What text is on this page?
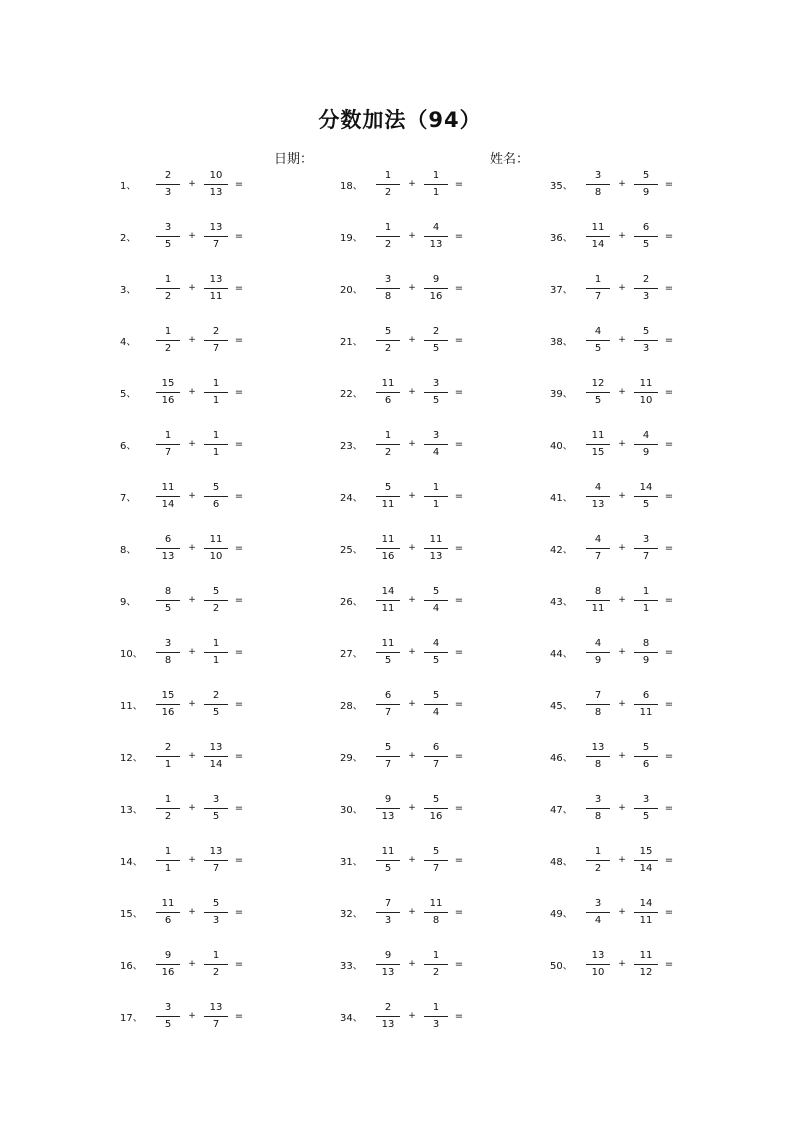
分数加法（94）
日期：	姓名：
1、	$\frac{2}{3} + \frac{10}{13}$ =
2、	$\frac{3}{5} + \frac{13}{7}$ =
3、	$\frac{1}{2} + \frac{13}{11}$ =
4、	$\frac{1}{2} + \frac{2}{7}$ =
5、	$\frac{15}{16} + \frac{1}{1}$ =
6、	$\frac{1}{7} + \frac{1}{1}$ =
7、	$\frac{11}{14} + \frac{5}{6}$ =
8、	$\frac{6}{13} + \frac{11}{10}$ =
9、	$\frac{8}{5} + \frac{5}{2}$ =
10、	$\frac{3}{8} + \frac{1}{1}$ =
11、	$\frac{15}{16} + \frac{2}{5}$ =
12、	$\frac{2}{1} + \frac{13}{14}$ =
13、	$\frac{1}{2} + \frac{3}{5}$ =
14、	$\frac{1}{1} + \frac{13}{7}$ =
15、	$\frac{11}{6} + \frac{5}{3}$ =
16、	$\frac{9}{16} + \frac{1}{2}$ =
17、	$\frac{3}{5} + \frac{13}{7}$ =
18、	$\frac{1}{2} + \frac{1}{1}$ =
19、	$\frac{1}{2} + \frac{4}{13}$ =
20、	$\frac{3}{8} + \frac{9}{16}$ =
21、	$\frac{5}{2} + \frac{2}{5}$ =
22、	$\frac{11}{6} + \frac{3}{5}$ =
23、	$\frac{1}{2} + \frac{3}{4}$ =
24、	$\frac{5}{11} + \frac{1}{1}$ =
25、	$\frac{11}{16} + \frac{11}{13}$ =
26、	$\frac{14}{11} + \frac{5}{4}$ =
27、	$\frac{11}{5} + \frac{4}{5}$ =
28、	$\frac{6}{7} + \frac{5}{4}$ =
29、	$\frac{5}{7} + \frac{6}{7}$ =
30、	$\frac{9}{13} + \frac{5}{16}$ =
31、	$\frac{11}{5} + \frac{5}{7}$ =
32、	$\frac{7}{3} + \frac{11}{8}$ =
33、	$\frac{9}{13} + \frac{1}{2}$ =
34、	$\frac{2}{13} + \frac{1}{3}$ =
35、	$\frac{3}{8} + \frac{5}{9}$ =
36、	$\frac{11}{14} + \frac{6}{5}$ =
37、	$\frac{1}{7} + \frac{2}{3}$ =
38、	$\frac{4}{5} + \frac{5}{3}$ =
39、	$\frac{12}{5} + \frac{11}{10}$ =
40、	$\frac{11}{15} + \frac{4}{9}$ =
41、	$\frac{4}{13} + \frac{14}{5}$ =
42、	$\frac{4}{7} + \frac{3}{7}$ =
43、	$\frac{8}{11} + \frac{1}{1}$ =
44、	$\frac{4}{9} + \frac{8}{9}$ =
45、	$\frac{7}{8} + \frac{6}{11}$ =
46、	$\frac{13}{8} + \frac{5}{6}$ =
47、	$\frac{3}{8} + \frac{3}{5}$ =
48、	$\frac{1}{2} + \frac{15}{14}$ =
49、	$\frac{3}{4} + \frac{14}{11}$ =
50、	$\frac{13}{10} + \frac{11}{12}$ =
